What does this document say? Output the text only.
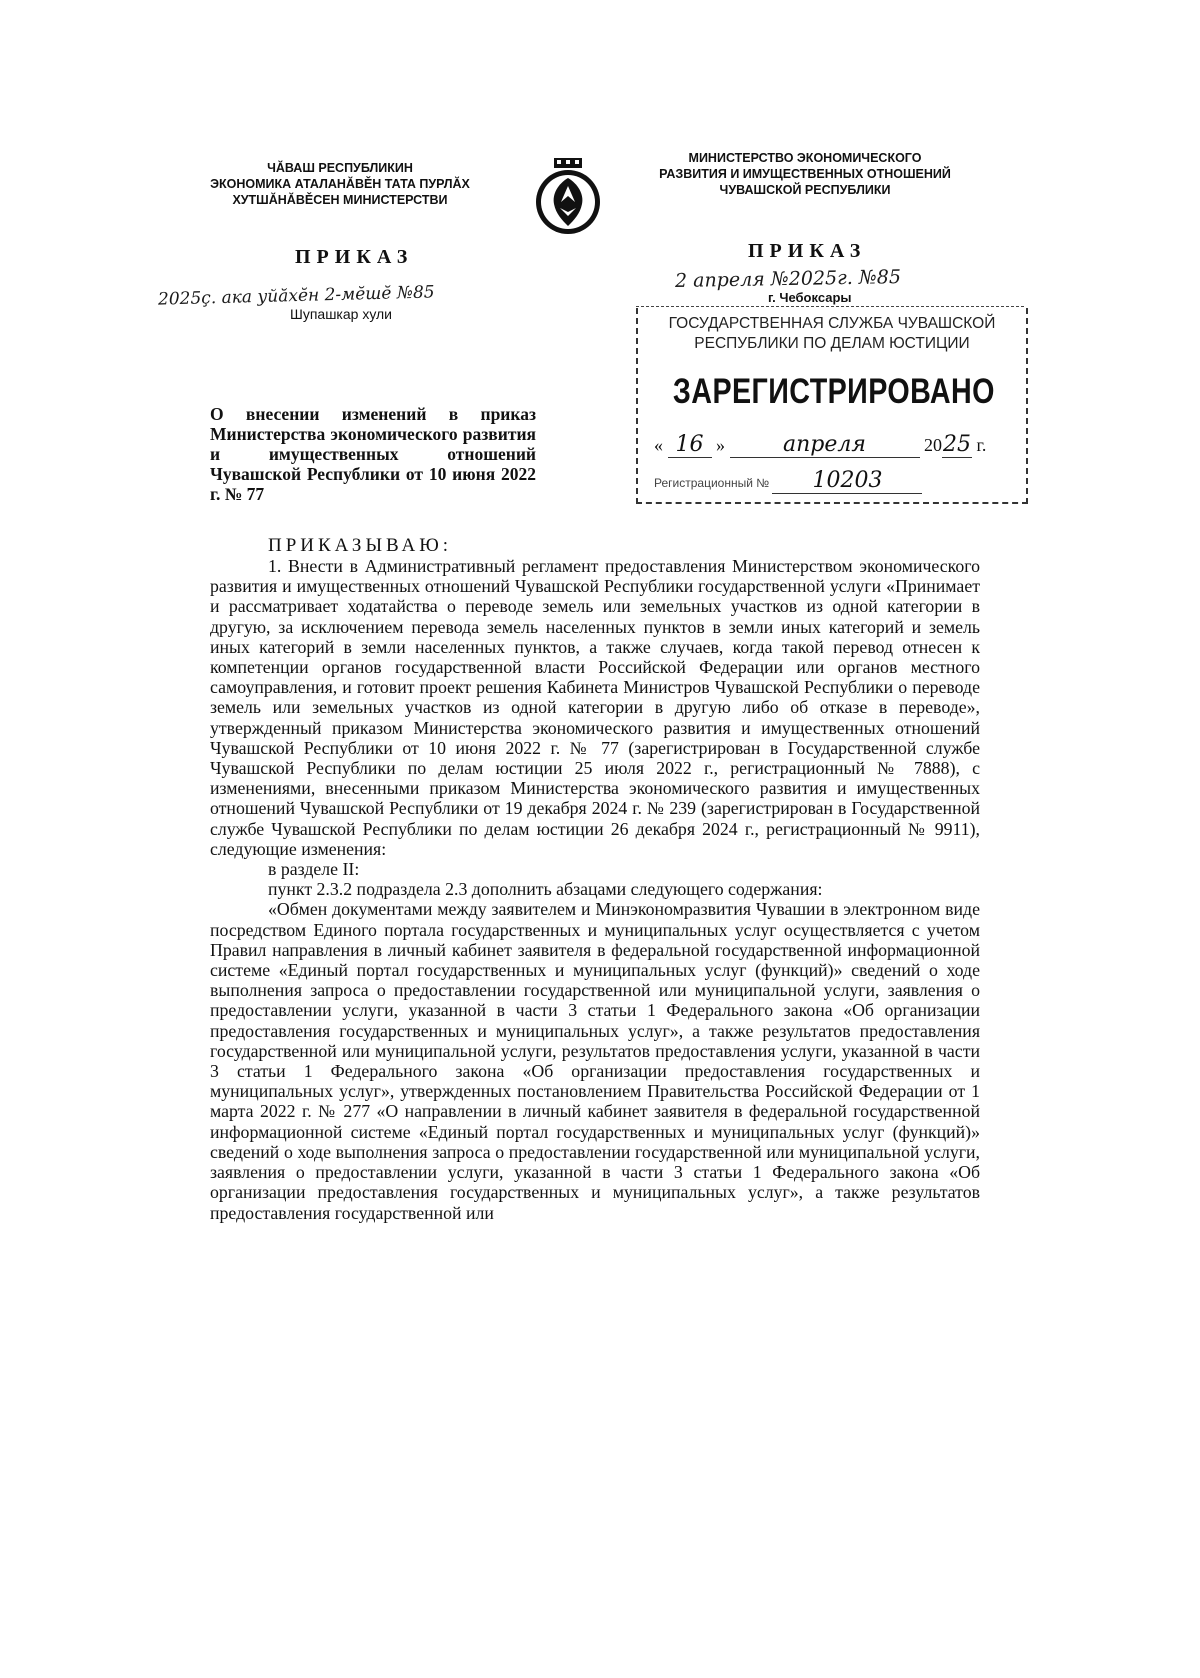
ЧĂВАШ РЕСПУБЛИКИН
ЭКОНОМИКА АТАЛАНĂВĚН ТАТА ПУРЛĂХ
ХУТШĂНĂВĚСЕН МИНИСТЕРСТВИ
МИНИСТЕРСТВО ЭКОНОМИЧЕСКОГО
РАЗВИТИЯ И ИМУЩЕСТВЕННЫХ ОТНОШЕНИЙ
ЧУВАШСКОЙ РЕСПУБЛИКИ
ПРИКАЗ	ПРИКАЗ
2025ç. ака уйăхĕн 2-мĕшĕ №85
Шупашкар хули
2 апреля №2025г. №85
г. Чебоксары
ГОСУДАРСТВЕННАЯ СЛУЖБА ЧУВАШСКОЙ
РЕСПУБЛИКИ ПО ДЕЛАМ ЮСТИЦИИ
ЗАРЕГИСТРИРОВАНО
« 16 »	апреля	2025 г.
Регистрационный № 10203
О внесении изменений в приказ Министерства экономического развития и имущественных отношений Чувашской Республики от 10 июня 2022 г. № 77
ПРИКАЗЫВАЮ:

1. Внести в Административный регламент предоставления Министерством экономического развития и имущественных отношений Чувашской Республики государственной услуги «Принимает и рассматривает ходатайства о переводе земель или земельных участков из одной категории в другую, за исключением перевода земель населенных пунктов в земли иных категорий и земель иных категорий в земли населенных пунктов, а также случаев, когда такой перевод отнесен к компетенции органов государственной власти Российской Федерации или органов местного самоуправления, и готовит проект решения Кабинета Министров Чувашской Республики о переводе земель или земельных участков из одной категории в другую либо об отказе в переводе», утвержденный приказом Министерства экономического развития и имущественных отношений Чувашской Республики от 10 июня 2022 г. № 77 (зарегистрирован в Государственной службе Чувашской Республики по делам юстиции 25 июля 2022 г., регистрационный № 7888), с изменениями, внесенными приказом Министерства экономического развития и имущественных отношений Чувашской Республики от 19 декабря 2024 г. № 239 (зарегистрирован в Государственной службе Чувашской Республики по делам юстиции 26 декабря 2024 г., регистрационный № 9911), следующие изменения:

в разделе II:

пункт 2.3.2 подраздела 2.3 дополнить абзацами следующего содержания:

«Обмен документами между заявителем и Минэкономразвития Чувашии в электронном виде посредством Единого портала государственных и муниципальных услуг осуществляется с учетом Правил направления в личный кабинет заявителя в федеральной государственной информационной системе «Единый портал государственных и муниципальных услуг (функций)» сведений о ходе выполнения запроса о предоставлении государственной или муниципальной услуги, заявления о предоставлении услуги, указанной в части 3 статьи 1 Федерального закона «Об организации предоставления государственных и муниципальных услуг», а также результатов предоставления государственной или муниципальной услуги, результатов предоставления услуги, указанной в части 3 статьи 1 Федерального закона «Об организации предоставления государственных и муниципальных услуг», утвержденных постановлением Правительства Российской Федерации от 1 марта 2022 г. № 277 «О направлении в личный кабинет заявителя в федеральной государственной информационной системе «Единый портал государственных и муниципальных услуг (функций)» сведений о ходе выполнения запроса о предоставлении государственной или муниципальной услуги, заявления о предоставлении услуги, указанной в части 3 статьи 1 Федерального закона «Об организации предоставления государственных и муниципальных услуг», а также результатов предоставления государственной или
